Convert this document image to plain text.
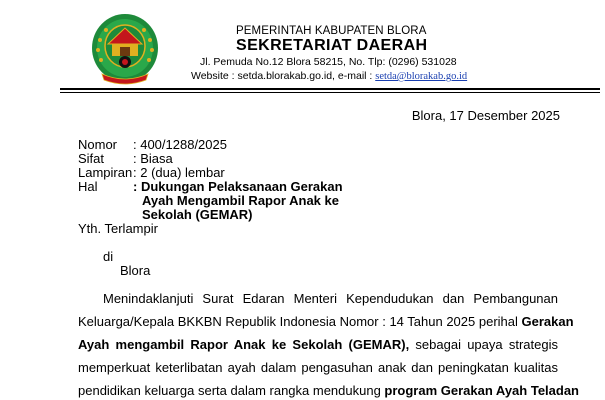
PEMERINTAH KABUPATEN BLORA
SEKRETARIAT DAERAH
Jl. Pemuda No.12 Blora 58215, No. Tlp: (0296) 531028
Website : setda.blorakab.go.id, e-mail : setda@blorakab.go.id
Blora, 17 Desember 2025
Nomor : 400/1288/2025
Sifat : Biasa
Lampiran : 2 (dua) lembar
Hal	: Dukungan Pelaksanaan Gerakan
Ayah Mengambil Rapor Anak ke
Sekolah (GEMAR)
Yth. Terlampir
di
Blora
Menindaklanjuti Surat Edaran Menteri Kependudukan dan Pembangunan
Keluarga/Kepala BKKBN Republik Indonesia Nomor : 14 Tahun 2025 perihal Gerakan
Ayah mengambil Rapor Anak ke Sekolah (GEMAR), sebagai upaya strategis
memperkuat keterlibatan ayah dalam pengasuhan anak dan peningkatan kualitas
pendidikan keluarga serta dalam rangka mendukung program Gerakan Ayah Teladan
